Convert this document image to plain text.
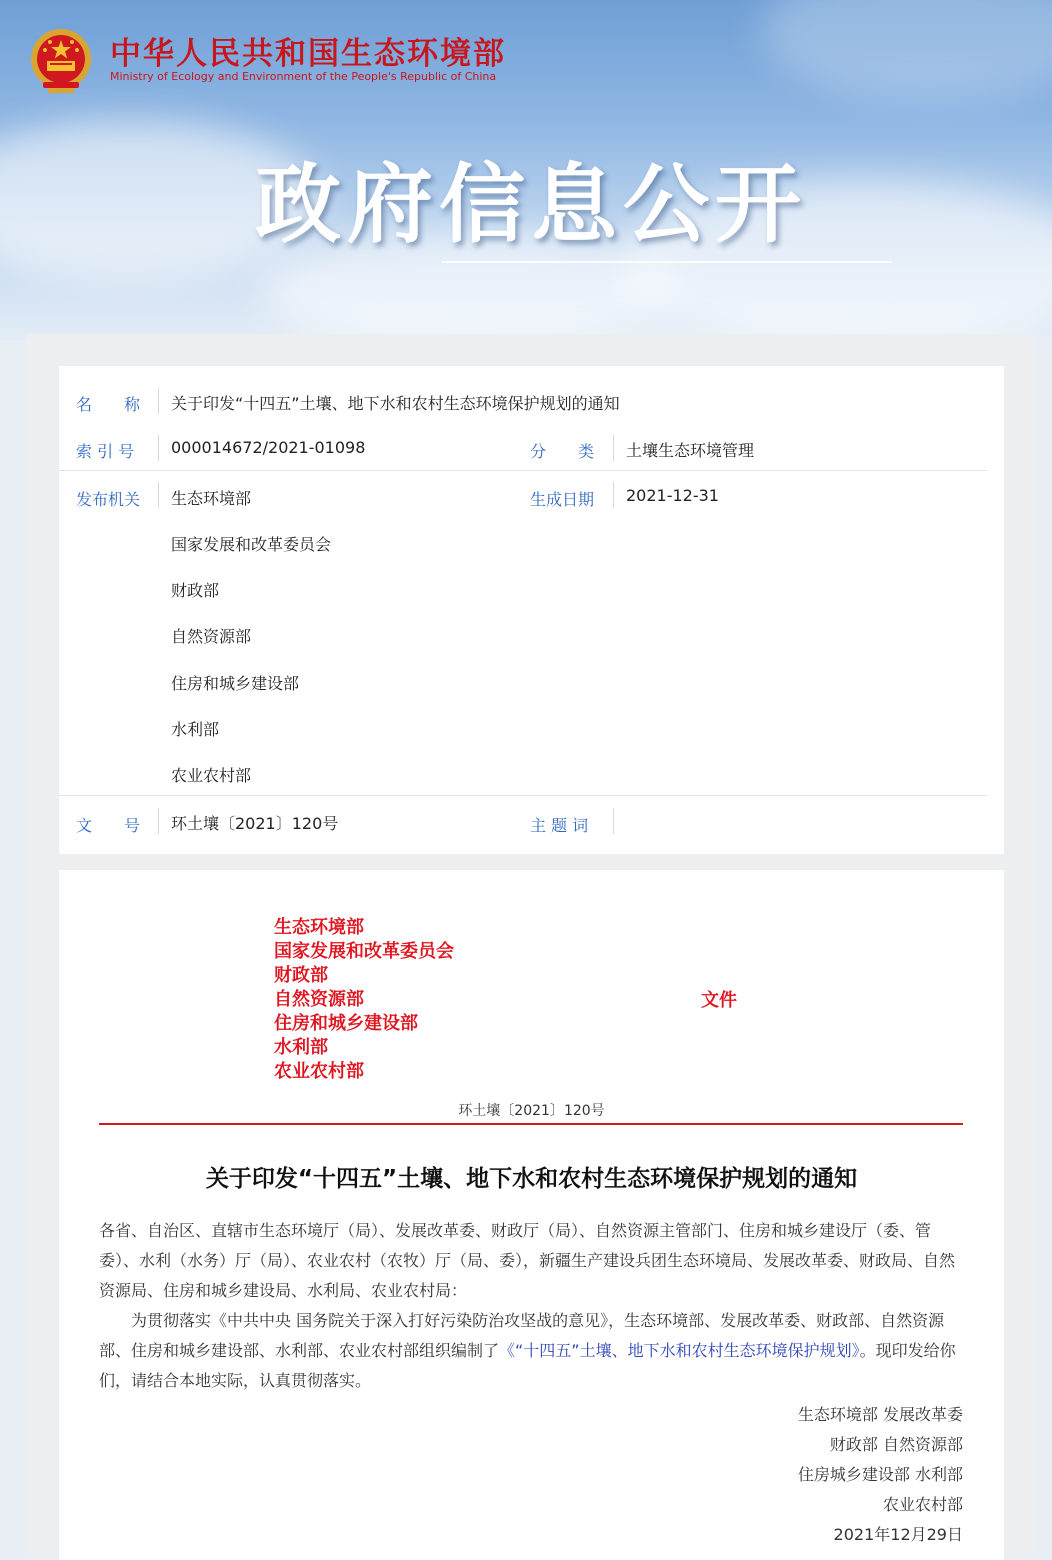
中华人民共和国生态环境部
Ministry of Ecology and Environment of the People's Republic of China
政府信息公开
名　　称 关于印发“十四五”土壤、地下水和农村生态环境保护规划的通知
索 引 号 000014672/2021-01098	分　　类 土壤生态环境管理
发布机关 生态环境部
国家发展和改革委员会
财政部
自然资源部
住房和城乡建设部
水利部
农业农村部
生成日期 2021-12-31
文　　号 环土壤〔2021〕120号	主 题 词
生态环境部
国家发展和改革委员会
财政部
自然资源部
住房和城乡建设部
水利部
农业农村部
文件
环土壤〔2021〕120号
关于印发“十四五”土壤、地下水和农村生态环境保护规划的通知
各省、自治区、直辖市生态环境厅（局）、发展改革委、财政厅（局）、自然资源主管部门、住房和城乡建设厅（委、管委）、水利（水务）厅（局）、农业农村（农牧）厅（局、委），新疆生产建设兵团生态环境局、发展改革委、财政局、自然资源局、住房和城乡建设局、水利局、农业农村局：
为贯彻落实《中共中央 国务院关于深入打好污染防治攻坚战的意见》，生态环境部、发展改革委、财政部、自然资源部、住房和城乡建设部、水利部、农业农村部组织编制了《“十四五”土壤、地下水和农村生态环境保护规划》。现印发给你们，请结合本地实际，认真贯彻落实。
生态环境部 发展改革委
财政部 自然资源部
住房城乡建设部 水利部
农业农村部
2021年12月29日
